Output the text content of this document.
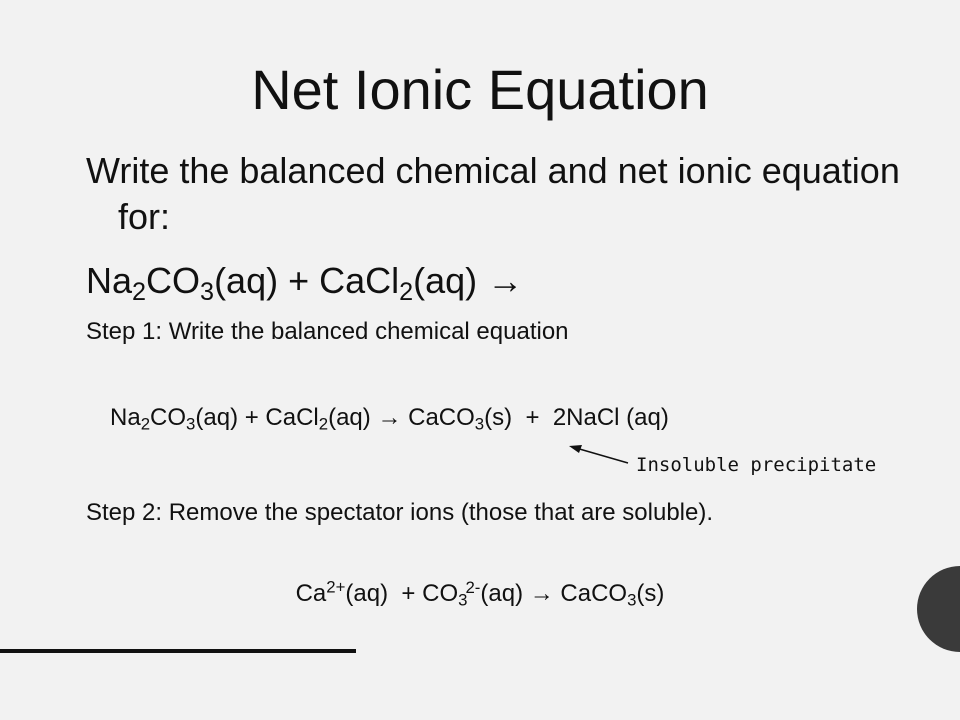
Net Ionic Equation
Write the balanced chemical and net ionic equation for:
$Na_2CO_3(aq)$ + CaCl$_2$(aq) →
Step 1: Write the balanced chemical equation
$Na_2CO_3(aq)$ + CaCl$_2$(aq) → CaCO$_3$(s)  +  2NaCl (aq)
Insoluble precipitate
Step 2: Remove the spectator ions (those that are soluble).
$Ca^{2+}(aq) + CO_3^{2-}(aq)$ → CaCO$_3$(s)
